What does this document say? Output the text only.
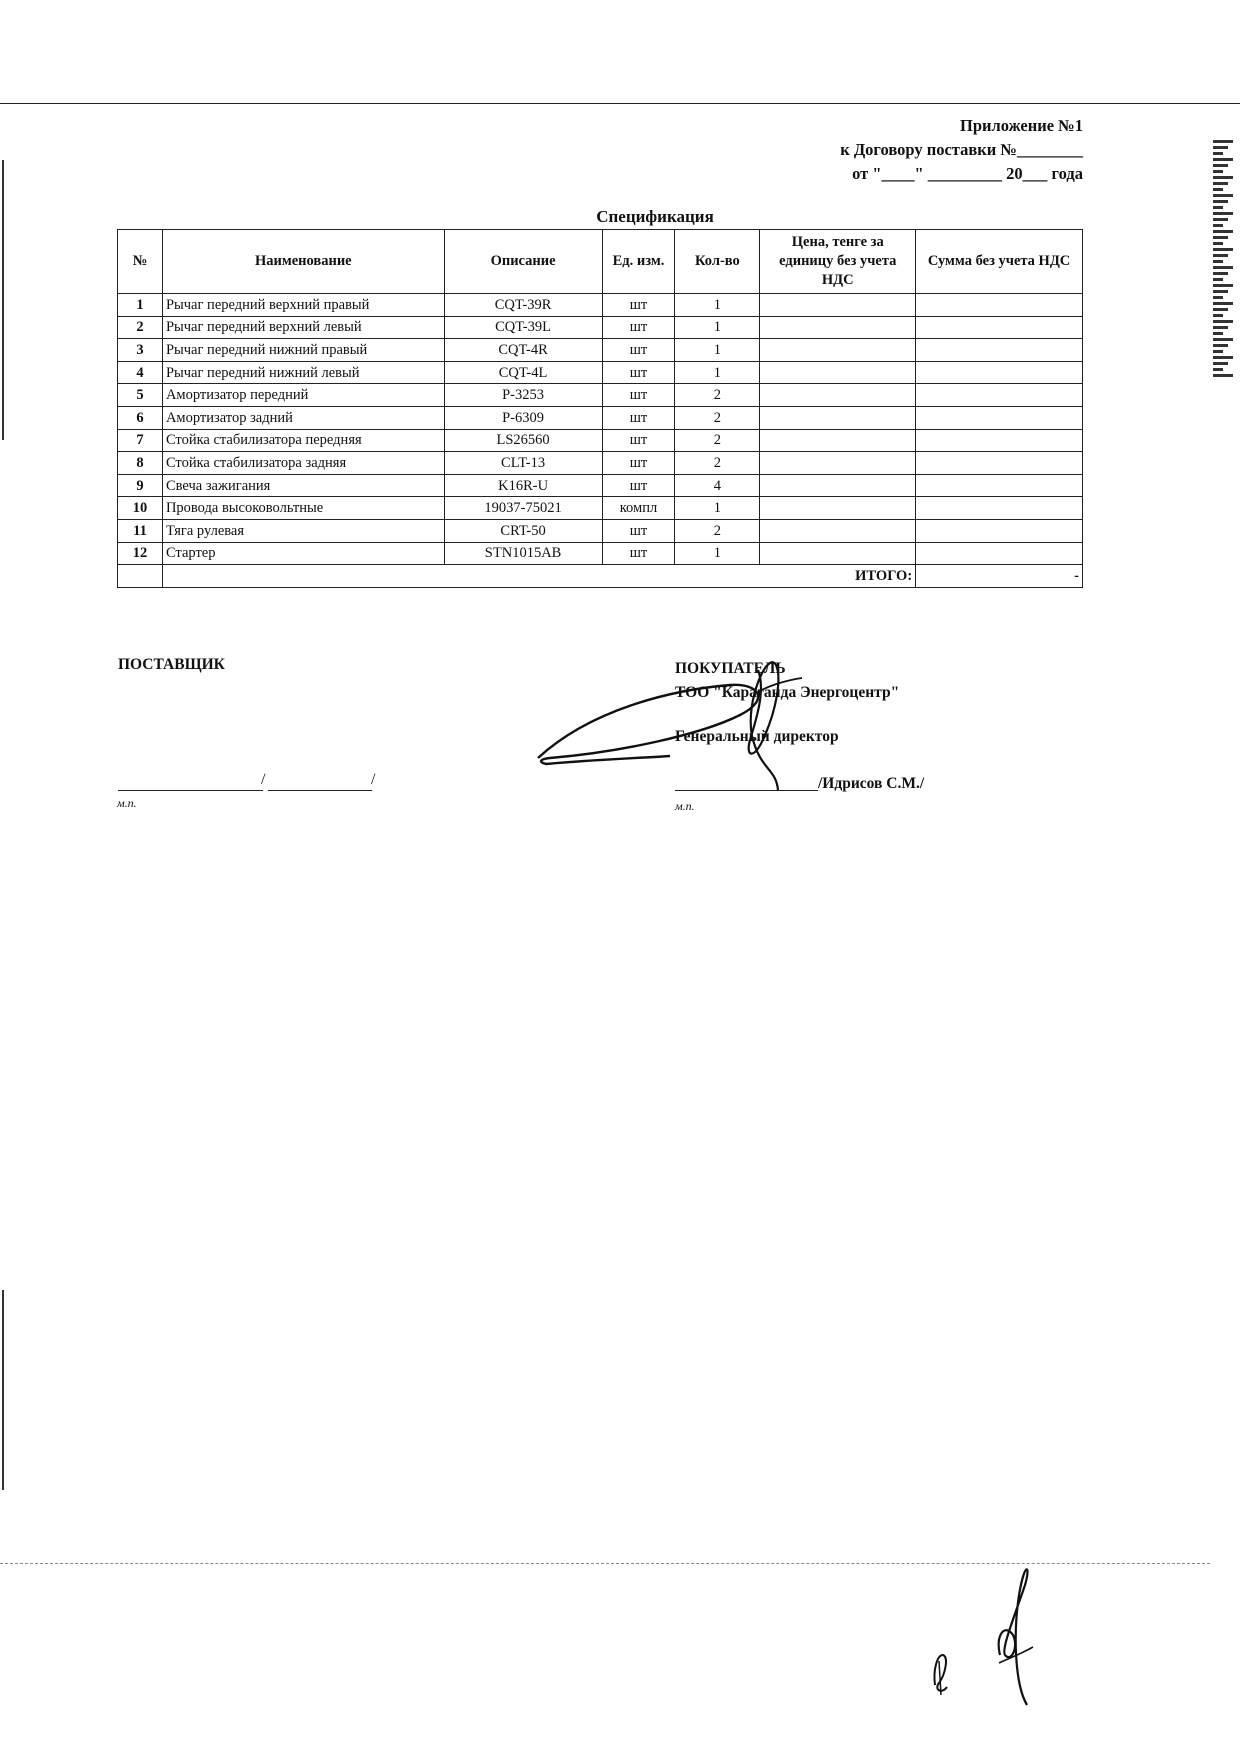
Приложение №1
к Договору поставки №________
от "____" _________ 20___ года
Спецификация
№	Наименование	Описание	Ед. изм.	Кол-во	Цена, тенге за единицу без учета НДС	Сумма без учета НДС
1	Рычаг передний верхний правый	CQT-39R	шт	1		
2	Рычаг передний верхний левый	CQT-39L	шт	1		
3	Рычаг передний нижний правый	CQT-4R	шт	1		
4	Рычаг передний нижний левый	CQT-4L	шт	1		
5	Амортизатор передний	P-3253	шт	2		
6	Амортизатор задний	P-6309	шт	2		
7	Стойка стабилизатора передняя	LS26560	шт	2		
8	Стойка стабилизатора задняя	CLT-13	шт	2		
9	Свеча зажигания	K16R-U	шт	4		
10	Провода высоковольтные	19037-75021	компл	1		
11	Тяга рулевая	CRT-50	шт	2		
12	Стартер	STN1015AB	шт	1		
	ИТОГО:					-
ПОСТАВЩИК
/	/
м.п.
ПОКУПАТЕЛЬ
ТОО "Караганда Энергоцентр"
Генеральный директор
/Идрисов С.М./
м.п.
